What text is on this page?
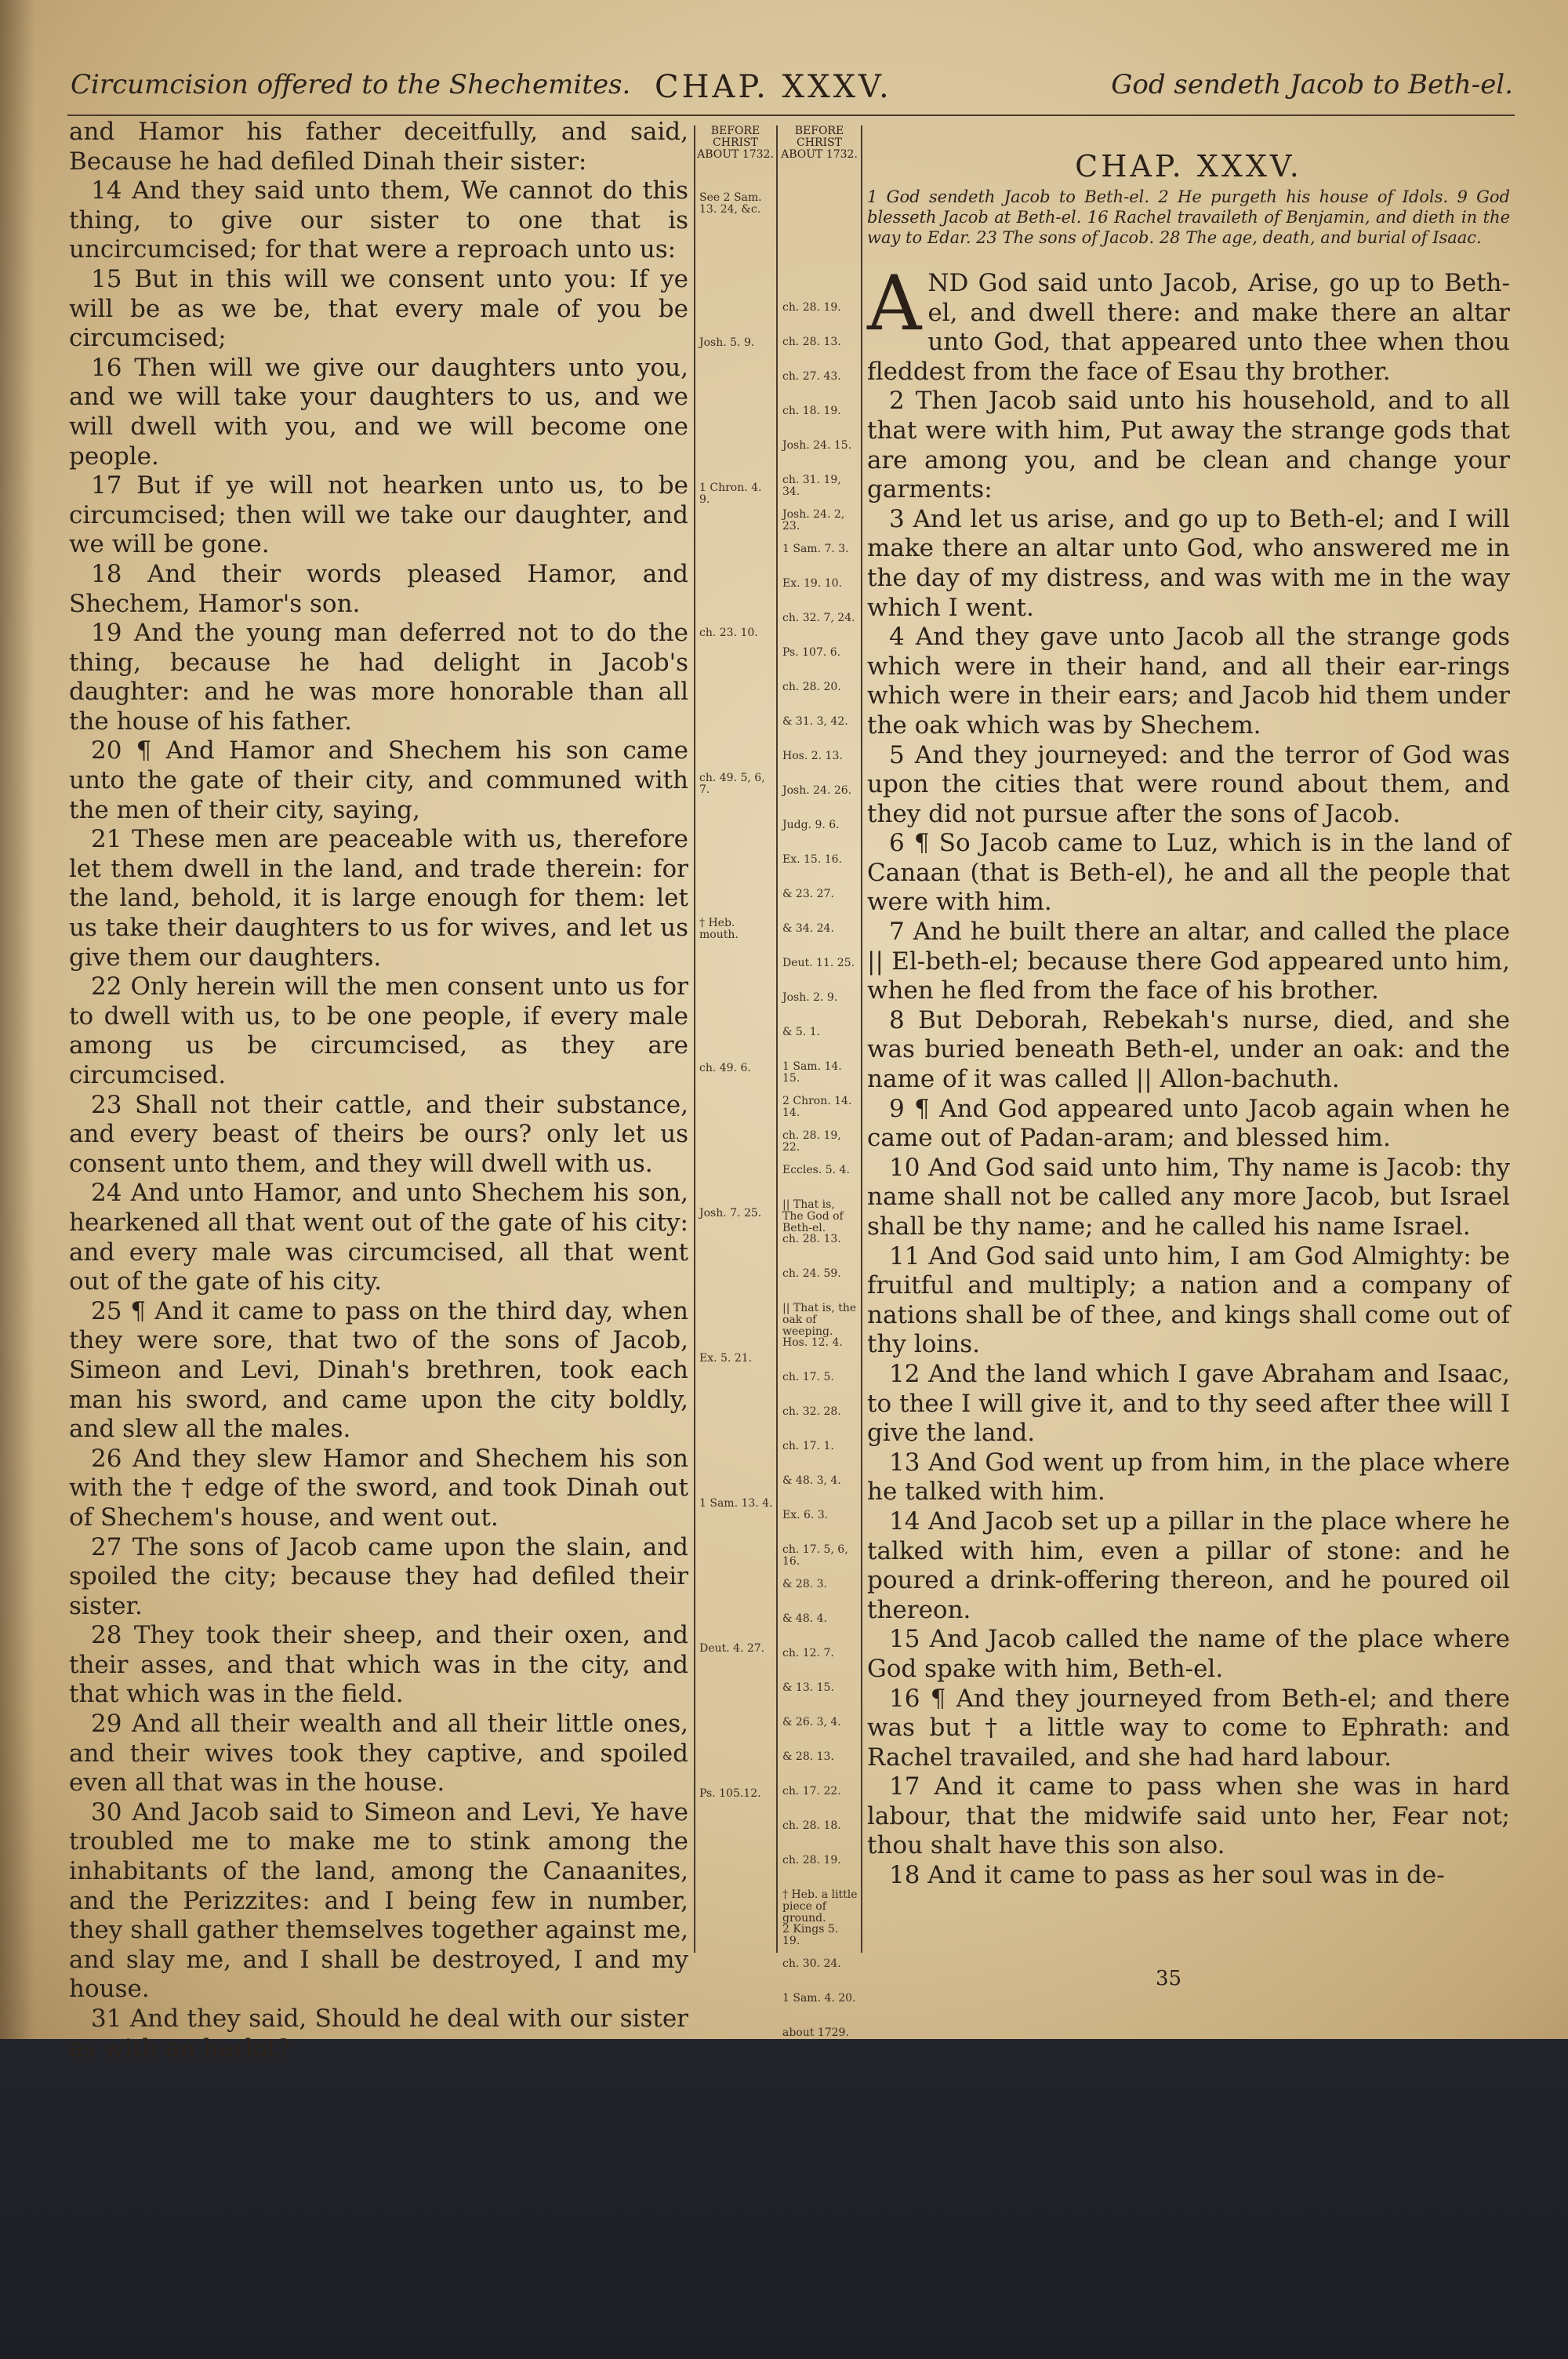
Circumcision offered to the Shechemites. CHAP. XXXV.	God sendeth Jacob to Beth-el.

and Hamor his father deceitfully, and said, Because he had defiled Dinah their sister:

14 And they said unto them, We cannot do this thing, to give our sister to one that is uncircumcised; for that were a reproach unto us:

15 But in this will we consent unto you: If ye will be as we be, that every male of you be circumcised;

16 Then will we give our daughters unto you, and we will take your daughters to us, and we will dwell with you, and we will become one people.

17 But if ye will not hearken unto us, to be circumcised; then will we take our daughter, and we will be gone.

18 And their words pleased Hamor, and Shechem, Hamor's son.

19 And the young man deferred not to do the thing, because he had delight in Jacob's daughter: and he was more honorable than all the house of his father.

20 ¶ And Hamor and Shechem his son came unto the gate of their city, and communed with the men of their city, saying,

21 These men are peaceable with us, therefore let them dwell in the land, and trade therein: for the land, behold, it is large enough for them: let us take their daughters to us for wives, and let us give them our daughters.

22 Only herein will the men consent unto us for to dwell with us, to be one people, if every male among us be circumcised, as they are circumcised.

23 Shall not their cattle, and their substance, and every beast of theirs be ours? only let us consent unto them, and they will dwell with us.

24 And unto Hamor, and unto Shechem his son, hearkened all that went out of the gate of his city: and every male was circumcised, all that went out of the gate of his city.

25 ¶ And it came to pass on the third day, when they were sore, that two of the sons of Jacob, Simeon and Levi, Dinah's brethren, took each man his sword, and came upon the city boldly, and slew all the males.

26 And they slew Hamor and Shechem his son with the † edge of the sword, and took Dinah out of Shechem's house, and went out.

27 The sons of Jacob came upon the slain, and spoiled the city; because they had defiled their sister.

28 They took their sheep, and their oxen, and their asses, and that which was in the city, and that which was in the field.

29 And all their wealth and all their little ones, and their wives took they captive, and spoiled even all that was in the house.

30 And Jacob said to Simeon and Levi, Ye have troubled me to make me to stink among the inhabitants of the land, among the Canaanites, and the Perizzites: and I being few in number, they shall gather themselves together against me, and slay me, and I shall be destroyed, I and my house.

31 And they said, Should he deal with our sister as with an harlot?

BEFORE CHRIST ABOUT 1732.
BEFORE CHRIST ABOUT 1732.
See 2 Sam. 13. 24, &c.
Josh. 5. 9.
1 Chron. 4. 9.
ch. 23. 10.
ch. 49. 5, 6, 7.
† Heb. mouth.
ch. 49. 6.
Josh. 7. 25.
Ex. 5. 21.
1 Sam. 13. 4.
Deut. 4. 27.
Ps. 105.12.
ch. 28. 19.
ch. 28. 13.
ch. 27. 43.
ch. 18. 19.
Josh. 24. 15.
ch. 31. 19, 34.
Josh. 24. 2, 23.
1 Sam. 7. 3.
Ex. 19. 10.
ch. 32. 7, 24.
Ps. 107. 6.
ch. 28. 20.
& 31. 3, 42.
Hos. 2. 13.
Josh. 24. 26.
Judg. 9. 6.
Ex. 15. 16.
& 23. 27.
& 34. 24.
Deut. 11. 25.
Josh. 2. 9.
& 5. 1.
1 Sam. 14. 15.
2 Chron. 14. 14.
ch. 28. 19, 22.
Eccles. 5. 4.
|| That is, The God of Beth-el.
ch. 28. 13.
ch. 24. 59.
|| That is, the oak of weeping.
Hos. 12. 4.
ch. 17. 5.
ch. 32. 28.
ch. 17. 1.
& 48. 3, 4.
Ex. 6. 3.
ch. 17. 5, 6, 16.
& 28. 3.
& 48. 4.
ch. 12. 7.
& 13. 15.
& 26. 3, 4.
& 28. 13.
ch. 17. 22.
ch. 28. 18.
ch. 28. 19.
† Heb. a little piece of ground.
2 Kings 5. 19.
ch. 30. 24.
1 Sam. 4. 20.
about 1729.
CHAP. XXXV.
1 God sendeth Jacob to Beth-el. 2 He purgeth his house of Idols. 9 God blesseth Jacob at Beth-el. 16 Rachel travaileth of Benjamin, and dieth in the way to Edar. 23 The sons of Jacob. 28 The age, death, and burial of Isaac.

AND God said unto Jacob, Arise, go up to Beth-el, and dwell there: and make there an altar unto God, that appeared unto thee when thou fleddest from the face of Esau thy brother.

2 Then Jacob said unto his household, and to all that were with him, Put away the strange gods that are among you, and be clean and change your garments:

3 And let us arise, and go up to Beth-el; and I will make there an altar unto God, who answered me in the day of my distress, and was with me in the way which I went.

4 And they gave unto Jacob all the strange gods which were in their hand, and all their ear-rings which were in their ears; and Jacob hid them under the oak which was by Shechem.

5 And they journeyed: and the terror of God was upon the cities that were round about them, and they did not pursue after the sons of Jacob.

6 ¶ So Jacob came to Luz, which is in the land of Canaan (that is Beth-el), he and all the people that were with him.

7 And he built there an altar, and called the place || El-beth-el; because there God appeared unto him, when he fled from the face of his brother.

8 But Deborah, Rebekah's nurse, died, and she was buried beneath Beth-el, under an oak: and the name of it was called || Allon-bachuth.

9 ¶ And God appeared unto Jacob again when he came out of Padan-aram; and blessed him.

10 And God said unto him, Thy name is Jacob: thy name shall not be called any more Jacob, but Israel shall be thy name; and he called his name Israel.

11 And God said unto him, I am God Almighty: be fruitful and multiply; a nation and a company of nations shall be of thee, and kings shall come out of thy loins.

12 And the land which I gave Abraham and Isaac, to thee I will give it, and to thy seed after thee will I give the land.

13 And God went up from him, in the place where he talked with him.

14 And Jacob set up a pillar in the place where he talked with him, even a pillar of stone: and he poured a drink-offering thereon, and he poured oil thereon.

15 And Jacob called the name of the place where God spake with him, Beth-el.

16 ¶ And they journeyed from Beth-el; and there was but † a little way to come to Ephrath: and Rachel travailed, and she had hard labour.

17 And it came to pass when she was in hard labour, that the midwife said unto her, Fear not; thou shalt have this son also.

18 And it came to pass as her soul was in de-

35
